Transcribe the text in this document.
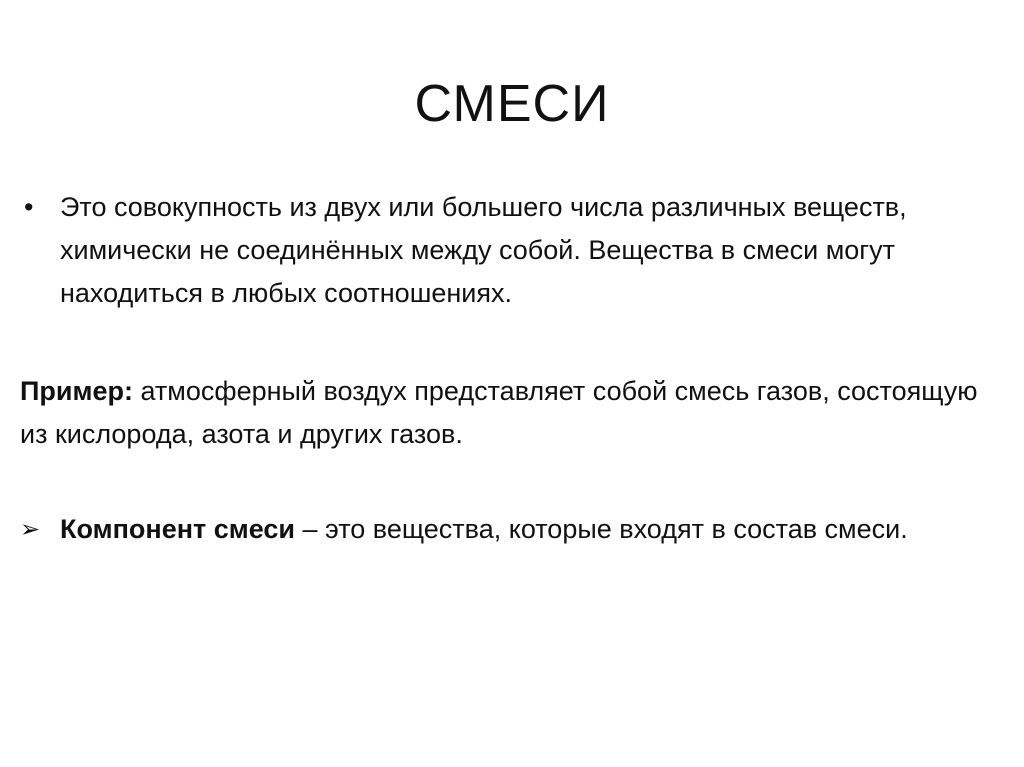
СМЕСИ
• Это совокупность из двух или большего числа различных веществ, химически не соединённых между собой. Вещества в смеси могут находиться в любых соотношениях.
Пример: атмосферный воздух представляет собой смесь газов, состоящую из кислорода, азота и других газов.
➢ Компонент смеси – это вещества, которые входят в состав смеси.
